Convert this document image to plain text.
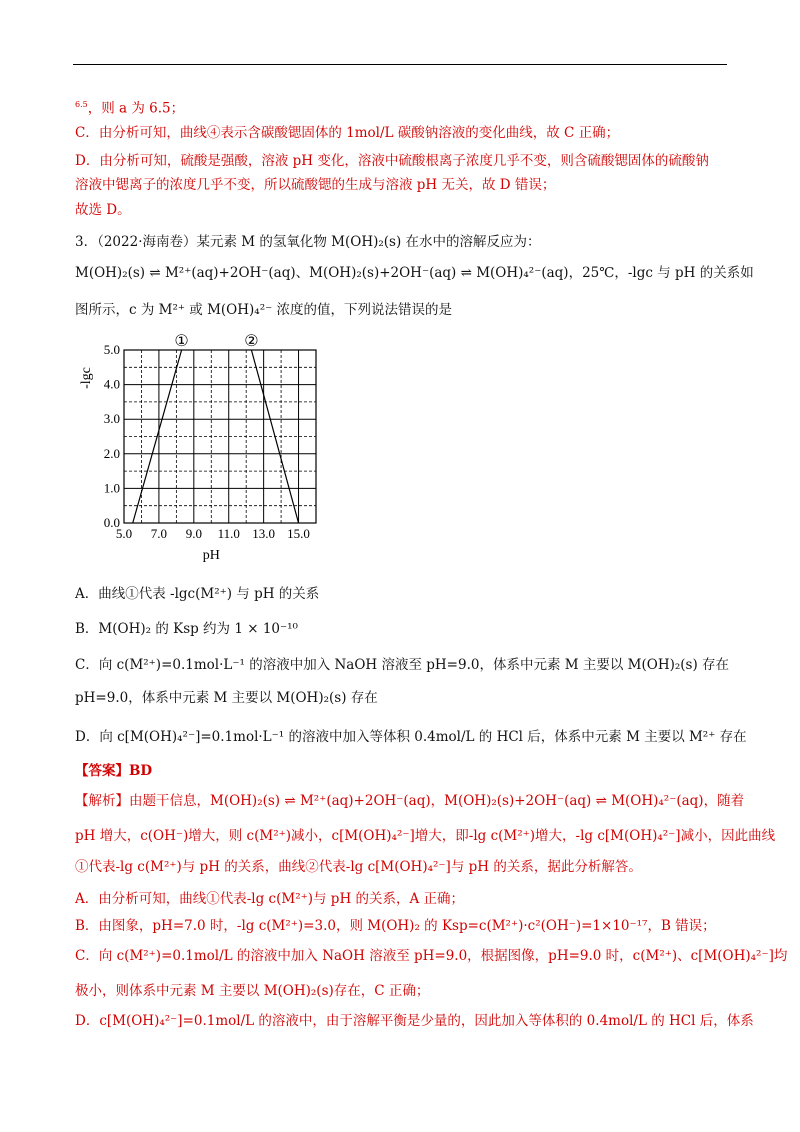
$^{6.5}$，则 a 为 6.5；
C．由分析可知，曲线④表示含碳酸锶固体的 1mol/L 碳酸钠溶液的变化曲线，故 C 正确；
D．由分析可知，硫酸是强酸，溶液 pH 变化，溶液中硫酸根离子浓度几乎不变，则含硫酸锶固体的硫酸钠
溶液中锶离子的浓度几乎不变，所以硫酸锶的生成与溶液 pH 无关，故 D 错误；
故选 D。
3．（2022·海南卷）某元素 M 的氢氧化物 M(OH)₂(s) 在水中的溶解反应为：
M(OH)₂(s) ⇌ M²⁺(aq)+2OH⁻(aq)、M(OH)₂(s)+2OH⁻(aq) ⇌ M(OH)₄²⁻(aq)，25℃，-lgc 与 pH 的关系如
图所示，c 为 M²⁺ 或 M(OH)₄²⁻ 浓度的值，下列说法错误的是
0.0
1.0
2.0
3.0
4.0
5.0
5.0 7.0 9.0 11.0 13.0 15.0
pH
-lgc
①	②
A．曲线①代表 -lgc(M²⁺) 与 pH 的关系
B．M(OH)₂ 的 Ksp 约为 1 × 10⁻¹⁰
C．向 c(M²⁺)=0.1mol·L⁻¹ 的溶液中加入 NaOH 溶液至 pH=9.0，体系中元素 M 主要以 M(OH)₂(s) 存在
pH=9.0，体系中元素 M 主要以 M(OH)₂(s) 存在
D．向 c[M(OH)₄²⁻]=0.1mol·L⁻¹ 的溶液中加入等体积 0.4mol/L 的 HCl 后，体系中元素 M 主要以 M²⁺ 存在
【答案】BD
【解析】由题干信息，M(OH)₂(s) ⇌ M²⁺(aq)+2OH⁻(aq)，M(OH)₂(s)+2OH⁻(aq) ⇌ M(OH)₄²⁻(aq)，随着
pH 增大，c(OH⁻)增大，则 c(M²⁺)减小，c[M(OH)₄²⁻]增大，即-lg c(M²⁺)增大，-lg c[M(OH)₄²⁻]减小，因此曲线
①代表-lg c(M²⁺)与 pH 的关系，曲线②代表-lg c[M(OH)₄²⁻]与 pH 的关系，据此分析解答。
A．由分析可知，曲线①代表-lg c(M²⁺)与 pH 的关系，A 正确；
B．由图象，pH=7.0 时，-lg c(M²⁺)=3.0，则 M(OH)₂ 的 Ksp=c(M²⁺)·c²(OH⁻)=1×10⁻¹⁷，B 错误；
C．向 c(M²⁺)=0.1mol/L 的溶液中加入 NaOH 溶液至 pH=9.0，根据图像，pH=9.0 时，c(M²⁺)、c[M(OH)₄²⁻]均
极小，则体系中元素 M 主要以 M(OH)₂(s)存在，C 正确；
D．c[M(OH)₄²⁻]=0.1mol/L 的溶液中，由于溶解平衡是少量的，因此加入等体积的 0.4mol/L 的 HCl 后，体系
